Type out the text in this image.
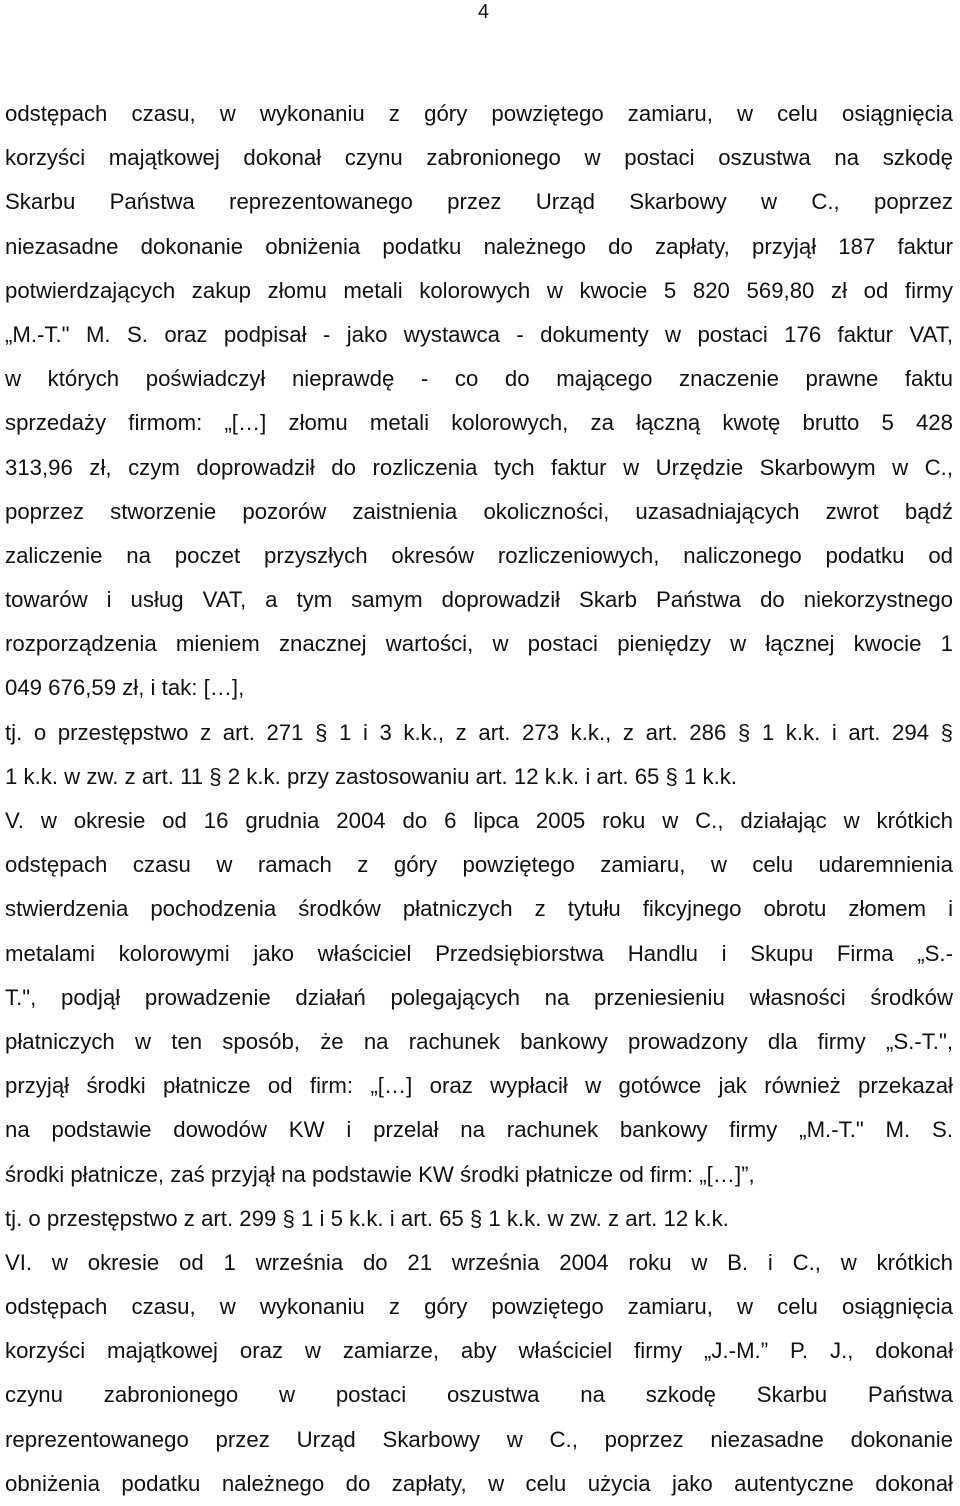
4
odstępach czasu, w wykonaniu z góry powziętego zamiaru, w celu osiągnięcia
korzyści majątkowej dokonał czynu zabronionego w postaci oszustwa na szkodę
Skarbu Państwa reprezentowanego przez Urząd Skarbowy w C., poprzez
niezasadne dokonanie obniżenia podatku należnego do zapłaty, przyjął 187 faktur
potwierdzających zakup złomu metali kolorowych w kwocie 5 820 569,80 zł od firmy
„M.-T." M. S. oraz podpisał - jako wystawca - dokumenty w postaci 176 faktur VAT,
w których poświadczył nieprawdę - co do mającego znaczenie prawne faktu
sprzedaży firmom: „[…] złomu metali kolorowych, za łączną kwotę brutto 5 428
313,96 zł, czym doprowadził do rozliczenia tych faktur w Urzędzie Skarbowym w C.,
poprzez stworzenie pozorów zaistnienia okoliczności, uzasadniających zwrot bądź
zaliczenie na poczet przyszłych okresów rozliczeniowych, naliczonego podatku od
towarów i usług VAT, a tym samym doprowadził Skarb Państwa do niekorzystnego
rozporządzenia mieniem znacznej wartości, w postaci pieniędzy w łącznej kwocie 1
049 676,59 zł, i tak: […],
tj. o przestępstwo z art. 271 § 1 i 3 k.k., z art. 273 k.k., z art. 286 § 1 k.k. i art. 294 §
1 k.k. w zw. z art. 11 § 2 k.k. przy zastosowaniu art. 12 k.k. i art. 65 § 1 k.k.
V. w okresie od 16 grudnia 2004 do 6 lipca 2005 roku w C., działając w krótkich
odstępach czasu w ramach z góry powziętego zamiaru, w celu udaremnienia
stwierdzenia pochodzenia środków płatniczych z tytułu fikcyjnego obrotu złomem i
metalami kolorowymi jako właściciel Przedsiębiorstwa Handlu i Skupu Firma „S.-
T.", podjął prowadzenie działań polegających na przeniesieniu własności środków
płatniczych w ten sposób, że na rachunek bankowy prowadzony dla firmy „S.-T.",
przyjął środki płatnicze od firm: „[…] oraz wypłacił w gotówce jak również przekazał
na podstawie dowodów KW i przelał na rachunek bankowy firmy „M.-T." M. S.
środki płatnicze, zaś przyjął na podstawie KW środki płatnicze od firm: „[…]”,
tj. o przestępstwo z art. 299 § 1 i 5 k.k. i art. 65 § 1 k.k. w zw. z art. 12 k.k.
VI. w okresie od 1 września do 21 września 2004 roku w B. i C., w krótkich
odstępach czasu, w wykonaniu z góry powziętego zamiaru, w celu osiągnięcia
korzyści majątkowej oraz w zamiarze, aby właściciel firmy „J.-M.” P. J., dokonał
czynu zabronionego w postaci oszustwa na szkodę Skarbu Państwa
reprezentowanego przez Urząd Skarbowy w C., poprzez niezasadne dokonanie
obniżenia podatku należnego do zapłaty, w celu użycia jako autentyczne dokonał
